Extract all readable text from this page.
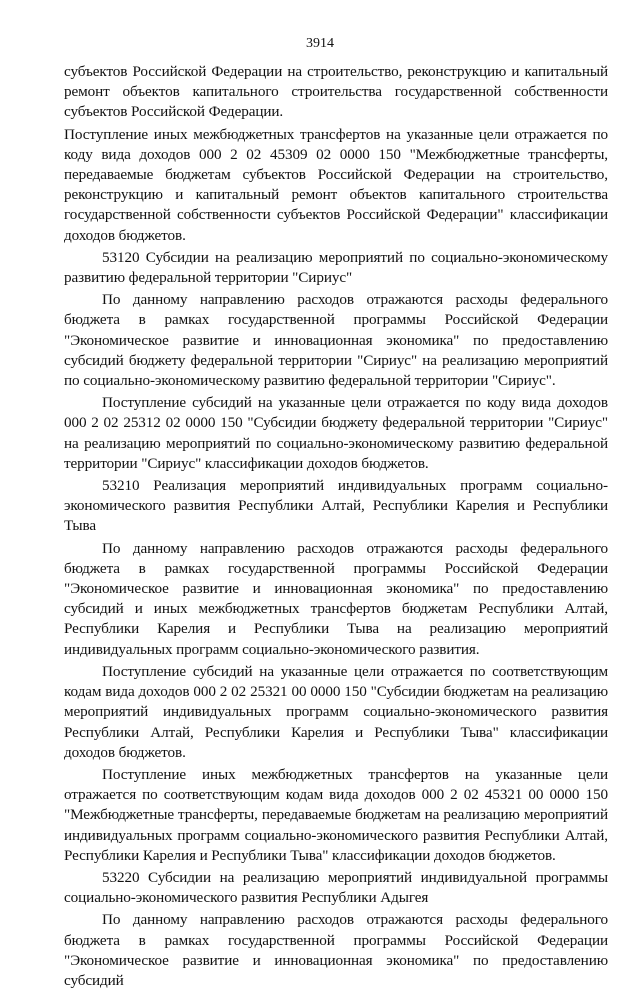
3914

субъектов Российской Федерации на строительство, реконструкцию и капитальный ремонт объектов капитального строительства государственной собственности субъектов Российской Федерации.

Поступление иных межбюджетных трансфертов на указанные цели отражается по коду вида доходов 000 2 02 45309 02 0000 150 "Межбюджетные трансферты, передаваемые бюджетам субъектов Российской Федерации на строительство, реконструкцию и капитальный ремонт объектов капитального строительства государственной собственности субъектов Российской Федерации" классификации доходов бюджетов.

53120 Субсидии на реализацию мероприятий по социально-экономическому развитию федеральной территории "Сириус"

По данному направлению расходов отражаются расходы федерального бюджета в рамках государственной программы Российской Федерации "Экономическое развитие и инновационная экономика" по предоставлению субсидий бюджету федеральной территории "Сириус" на реализацию мероприятий по социально-экономическому развитию федеральной территории "Сириус".

Поступление субсидий на указанные цели отражается по коду вида доходов 000 2 02 25312 02 0000 150 "Субсидии бюджету федеральной территории "Сириус" на реализацию мероприятий по социально-экономическому развитию федеральной территории "Сириус" классификации доходов бюджетов.

53210 Реализация мероприятий индивидуальных программ социально-экономического развития Республики Алтай, Республики Карелия и Республики Тыва

По данному направлению расходов отражаются расходы федерального бюджета в рамках государственной программы Российской Федерации "Экономическое развитие и инновационная экономика" по предоставлению субсидий и иных межбюджетных трансфертов бюджетам Республики Алтай, Республики Карелия и Республики Тыва на реализацию мероприятий индивидуальных программ социально-экономического развития.

Поступление субсидий на указанные цели отражается по соответствующим кодам вида доходов 000 2 02 25321 00 0000 150 "Субсидии бюджетам на реализацию мероприятий индивидуальных программ социально-экономического развития Республики Алтай, Республики Карелия и Республики Тыва" классификации доходов бюджетов.

Поступление иных межбюджетных трансфертов на указанные цели отражается по соответствующим кодам вида доходов 000 2 02 45321 00 0000 150 "Межбюджетные трансферты, передаваемые бюджетам на реализацию мероприятий индивидуальных программ социально-экономического развития Республики Алтай, Республики Карелия и Республики Тыва" классификации доходов бюджетов.

53220 Субсидии на реализацию мероприятий индивидуальной программы социально-экономического развития Республики Адыгея

По данному направлению расходов отражаются расходы федерального бюджета в рамках государственной программы Российской Федерации "Экономическое развитие и инновационная экономика" по предоставлению субсидий
